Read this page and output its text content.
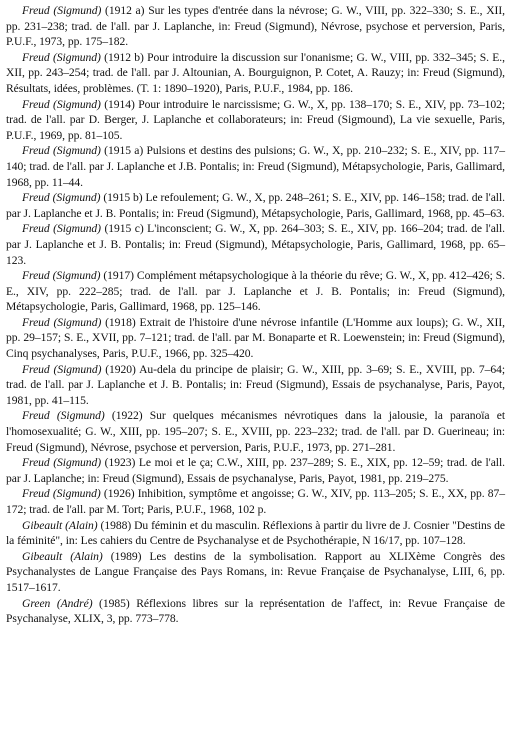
Freud (Sigmund) (1912 a) Sur les types d'entrée dans la névrose; G. W., VIII, pp. 322–330; S. E., XII, pp. 231–238; trad. de l'all. par J. Laplanche, in: Freud (Sigmund), Névrose, psychose et perversion, Paris, P.U.F., 1973, pp. 175–182.

Freud (Sigmund) (1912 b) Pour introduire la discussion sur l'onanisme; G. W., VIII, pp. 332–345; S. E., XII, pp. 243–254; trad. de l'all. par J. Altounian, A. Bourguignon, P. Cotet, A. Rauzy; in: Freud (Sigmund), Résultats, idées, problèmes. (T. 1: 1890–1920), Paris, P.U.F., 1984, pp. 186.

Freud (Sigmund) (1914) Pour introduire le narcissisme; G. W., X, pp. 138–170; S. E., XIV, pp. 73–102; trad. de l'all. par D. Berger, J. Laplanche et collaborateurs; in: Freud (Sigmound), La vie sexuelle, Paris, P.U.F., 1969, pp. 81–105.

Freud (Sigmund) (1915 a) Pulsions et destins des pulsions; G. W., X, pp. 210–232; S. E., XIV, pp. 117–140; trad. de l'all. par J. Laplanche et J.B. Pontalis; in: Freud (Sigmund), Métapsychologie, Paris, Gallimard, 1968, pp. 11–44.

Freud (Sigmund) (1915 b) Le refoulement; G. W., X, pp. 248–261; S. E., XIV, pp. 146–158; trad. de l'all. par J. Laplanche et J. B. Pontalis; in: Freud (Sigmund), Métapsychologie, Paris, Gallimard, 1968, pp. 45–63.

Freud (Sigmund) (1915 c) L'inconscient; G. W., X, pp. 264–303; S. E., XIV, pp. 166–204; trad. de l'all. par J. Laplanche et J. B. Pontalis; in: Freud (Sigmund), Métapsychologie, Paris, Gallimard, 1968, pp. 65–123.

Freud (Sigmund) (1917) Complément métapsychologique à la théorie du rêve; G. W., X, pp. 412–426; S. E., XIV, pp. 222–285; trad. de l'all. par J. Laplanche et J. B. Pontalis; in: Freud (Sigmund), Métapsychologie, Paris, Gallimard, 1968, pp. 125–146.

Freud (Sigmund) (1918) Extrait de l'histoire d'une névrose infantile (L'Homme aux loups); G. W., XII, pp. 29–157; S. E., XVII, pp. 7–121; trad. de l'all. par M. Bonaparte et R. Loewenstein; in: Freud (Sigmund), Cinq psychanalyses, Paris, P.U.F., 1966, pp. 325–420.

Freud (Sigmund) (1920) Au-dela du principe de plaisir; G. W., XIII, pp. 3–69; S. E., XVIII, pp. 7–64; trad. de l'all. par J. Laplanche et J. B. Pontalis; in: Freud (Sigmund), Essais de psychanalyse, Paris, Payot, 1981, pp. 41–115.

Freud (Sigmund) (1922) Sur quelques mécanismes névrotiques dans la jalousie, la paranoïa et l'homosexualité; G. W., XIII, pp. 195–207; S. E., XVIII, pp. 223–232; trad. de l'all. par D. Guerineau; in: Freud (Sigmund), Névrose, psychose et perversion, Paris, P.U.F., 1973, pp. 271–281.

Freud (Sigmund) (1923) Le moi et le ça; C.W., XIII, pp. 237–289; S. E., XIX, pp. 12–59; trad. de l'all. par J. Laplanche; in: Freud (Sigmund), Essais de psychanalyse, Paris, Payot, 1981, pp. 219–275.

Freud (Sigmund) (1926) Inhibition, symptôme et angoisse; G. W., XIV, pp. 113–205; S. E., XX, pp. 87–172; trad. de l'all. par M. Tort; Paris, P.U.F., 1968, 102 p.

Gibeault (Alain) (1988) Du féminin et du masculin. Réflexions à partir du livre de J. Cosnier "Destins de la féminité", in: Les cahiers du Centre de Psychanalyse et de Psychothérapie, N 16/17, pp. 107–128.

Gibeault (Alain) (1989) Les destins de la symbolisation. Rapport au XLIXème Congrès des Psychanalystes de Langue Française des Pays Romans, in: Revue Française de Psychanalyse, LIII, 6, pp. 1517–1617.

Green (André) (1985) Réflexions libres sur la représentation de l'affect, in: Revue Française de Psychanalyse, XLIX, 3, pp. 773–778.
